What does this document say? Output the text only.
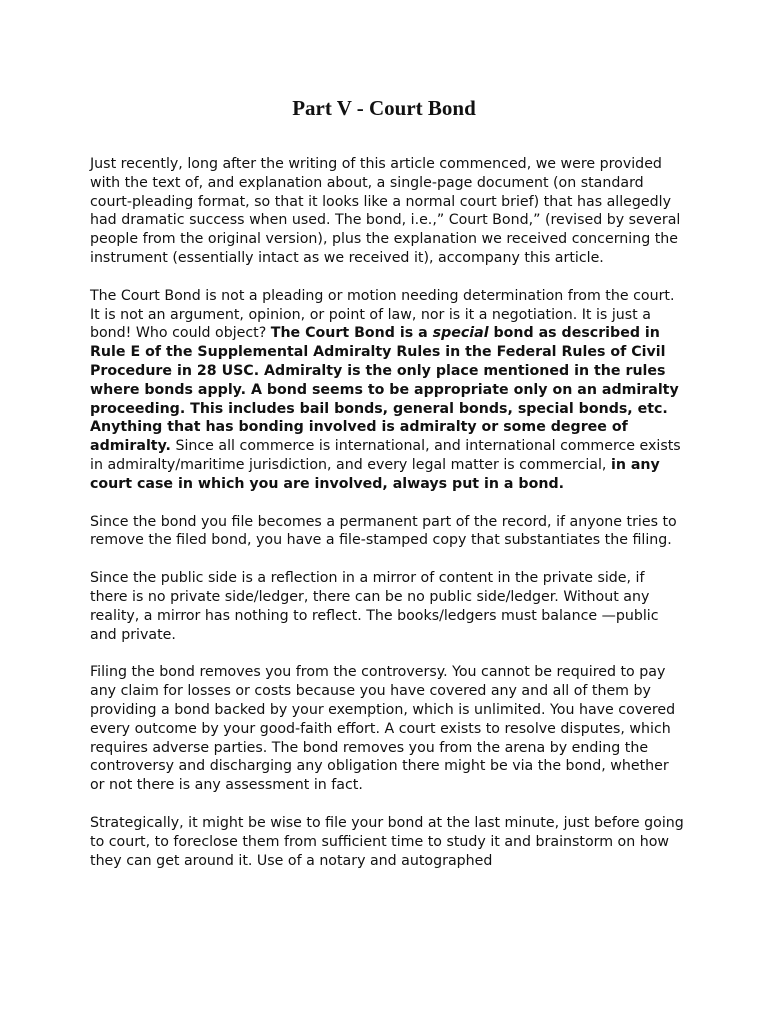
Part V - Court Bond

Just recently, long after the writing of this article commenced, we were provided with the text of, and explanation about, a single-page document (on standard court-pleading format, so that it looks like a normal court brief) that has allegedly had dramatic success when used. The bond, i.e.,” Court Bond,” (revised by several people from the original version), plus the explanation we received concerning the instrument (essentially intact as we received it), accompany this article.

The Court Bond is not a pleading or motion needing determination from the court. It is not an argument, opinion, or point of law, nor is it a negotiation. It is just a bond! Who could object? The Court Bond is a special bond as described in Rule E of the Supplemental Admiralty Rules in the Federal Rules of Civil Procedure in 28 USC. Admiralty is the only place mentioned in the rules where bonds apply. A bond seems to be appropriate only on an admiralty proceeding. This includes bail bonds, general bonds, special bonds, etc. Anything that has bonding involved is admiralty or some degree of admiralty. Since all commerce is international, and international commerce exists in admiralty/maritime jurisdiction, and every legal matter is commercial, in any court case in which you are involved, always put in a bond.

Since the bond you file becomes a permanent part of the record, if anyone tries to remove the filed bond, you have a file-stamped copy that substantiates the filing.

Since the public side is a reflection in a mirror of content in the private side, if there is no private side/ledger, there can be no public side/ledger. Without any reality, a mirror has nothing to reflect. The books/ledgers must balance —public and private.

Filing the bond removes you from the controversy. You cannot be required to pay any claim for losses or costs because you have covered any and all of them by providing a bond backed by your exemption, which is unlimited. You have covered every outcome by your good-faith effort. A court exists to resolve disputes, which requires adverse parties. The bond removes you from the arena by ending the controversy and discharging any obligation there might be via the bond, whether or not there is any assessment in fact.

Strategically, it might be wise to file your bond at the last minute, just before going to court, to foreclose them from sufficient time to study it and brainstorm on how they can get around it. Use of a notary and autographed
